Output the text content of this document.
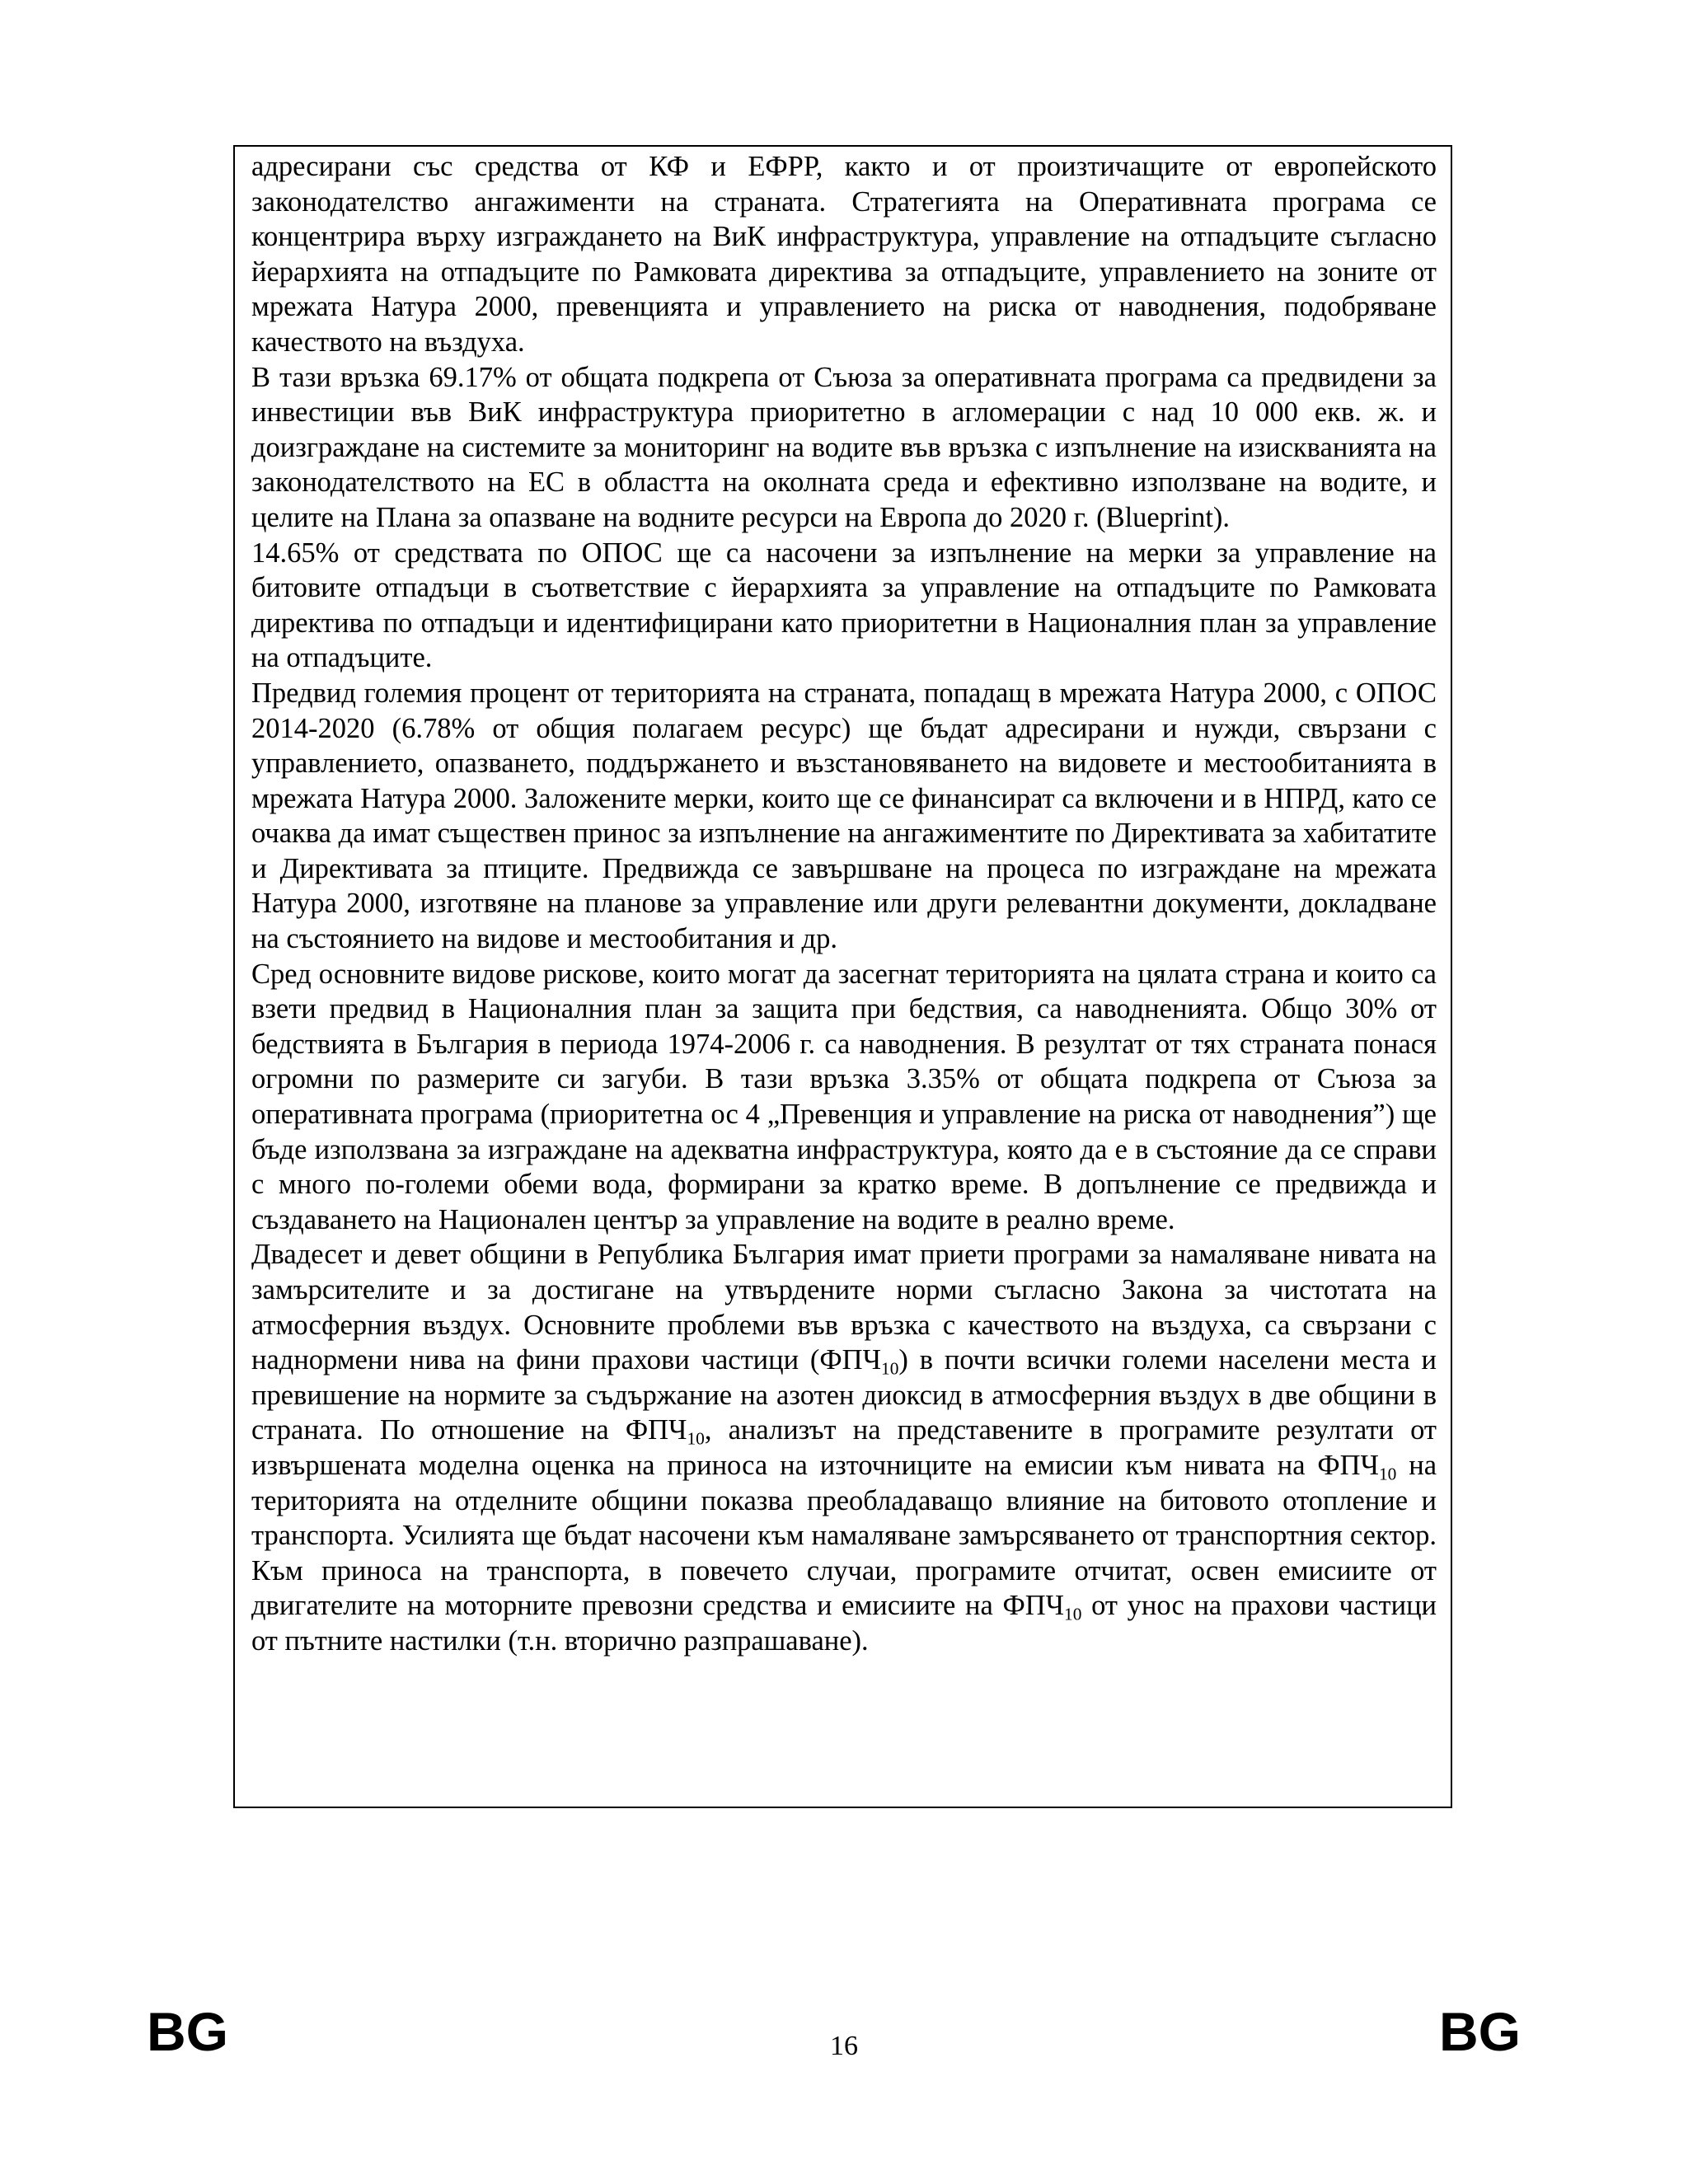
адресирани със средства от КФ и ЕФРР, както и от произтичащите от европейското законодателство ангажименти на страната. Стратегията на Оперативната програма се концентрира върху изграждането на ВиК инфраструктура, управление на отпадъците съгласно йерархията на отпадъците по Рамковата директива за отпадъците, управлението на зоните от мрежата Натура 2000, превенцията и управлението на риска от наводнения, подобряване качеството на въздуха.

В тази връзка 69.17% от общата подкрепа от Съюза за оперативната програма са предвидени за инвестиции във ВиК инфраструктура приоритетно в агломерации с над 10 000 екв. ж. и доизграждане на системите за мониторинг на водите във връзка с изпълнение на изискванията на законодателството на ЕС в областта на околната среда и ефективно използване на водите, и целите на Плана за опазване на водните ресурси на Европа до 2020 г. (Blueprint).

14.65% от средствата по ОПОС ще са насочени за изпълнение на мерки за управление на битовите отпадъци в съответствие с йерархията за управление на отпадъците по Рамковата директива по отпадъци и идентифицирани като приоритетни в Националния план за управление на отпадъците.

Предвид големия процент от територията на страната, попадащ в мрежата Натура 2000, с ОПОС 2014-2020 (6.78% от общия полагаем ресурс) ще бъдат адресирани и нужди, свързани с управлението, опазването, поддържането и възстановяването на видовете и местообитанията в мрежата Натура 2000. Заложените мерки, които ще се финансират са включени и в НПРД, като се очаква да имат съществен принос за изпълнение на ангажиментите по Директивата за хабитатите и Директивата за птиците. Предвижда се завършване на процеса по изграждане на мрежата Натура 2000, изготвяне на планове за управление или други релевантни документи, докладване на състоянието на видове и местообитания и др.

Сред основните видове рискове, които могат да засегнат територията на цялата страна и които са взети предвид в Националния план за защита при бедствия, са наводненията. Общо 30% от бедствията в България в периода 1974-2006 г. са наводнения. В резултат от тях страната понася огромни по размерите си загуби. В тази връзка 3.35% от общата подкрепа от Съюза за оперативната програма (приоритетна ос 4 „Превенция и управление на риска от наводнения”) ще бъде използвана за изграждане на адекватна инфраструктура, която да е в състояние да се справи с много по-големи обеми вода, формирани за кратко време. В допълнение се предвижда и създаването на Национален център за управление на водите в реално време.

Двадесет и девет общини в Република България имат приети програми за намаляване нивата на замърсителите и за достигане на утвърдените норми съгласно Закона за чистотата на атмосферния въздух. Основните проблеми във връзка с качеството на въздуха, са свързани с наднормени нива на фини прахови частици $(ФПЧ_{10})$ в почти всички големи населени места и превишение на нормите за съдържание на азотен диоксид в атмосферния въздух в две общини в страната. По отношение на $ФПЧ_{10}$, анализът на представените в програмите резултати от извършената моделна оценка на приноса на източниците на емисии към нивата на $ФПЧ_{10}$ на територията на отделните общини показва преобладаващо влияние на битовото отопление и транспорта. Усилията ще бъдат насочени към намаляване замърсяването от транспортния сектор. Към приноса на транспорта, в повечето случаи, програмите отчитат, освен емисиите от двигателите на моторните превозни средства и емисиите на $ФПЧ_{10}$ от унос на прахови частици от пътните настилки (т.н. вторично разпрашаване).

BG	16	BG
